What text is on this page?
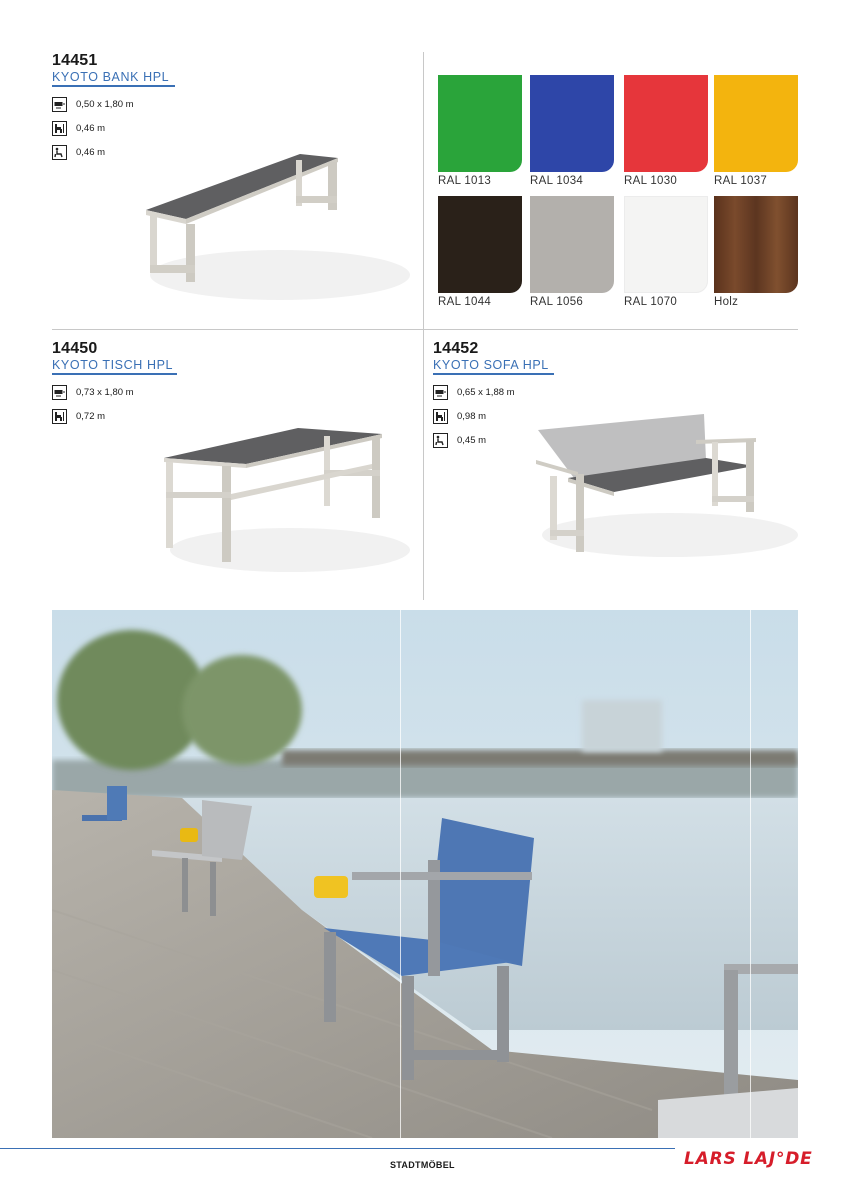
14451
KYOTO BANK HPL
0,50 x 1,80 m
0,46 m
0,46 m
RAL 1013	RAL 1034	RAL 1030	RAL 1037
RAL 1044	RAL 1056	RAL 1070	Holz
14450
KYOTO TISCH HPL
0,73 x 1,80 m
0,72 m
14452
KYOTO SOFA HPL
0,65 x 1,88 m
0,98 m
0,45 m
STADTMÖBEL	LARS LAJ°DE
